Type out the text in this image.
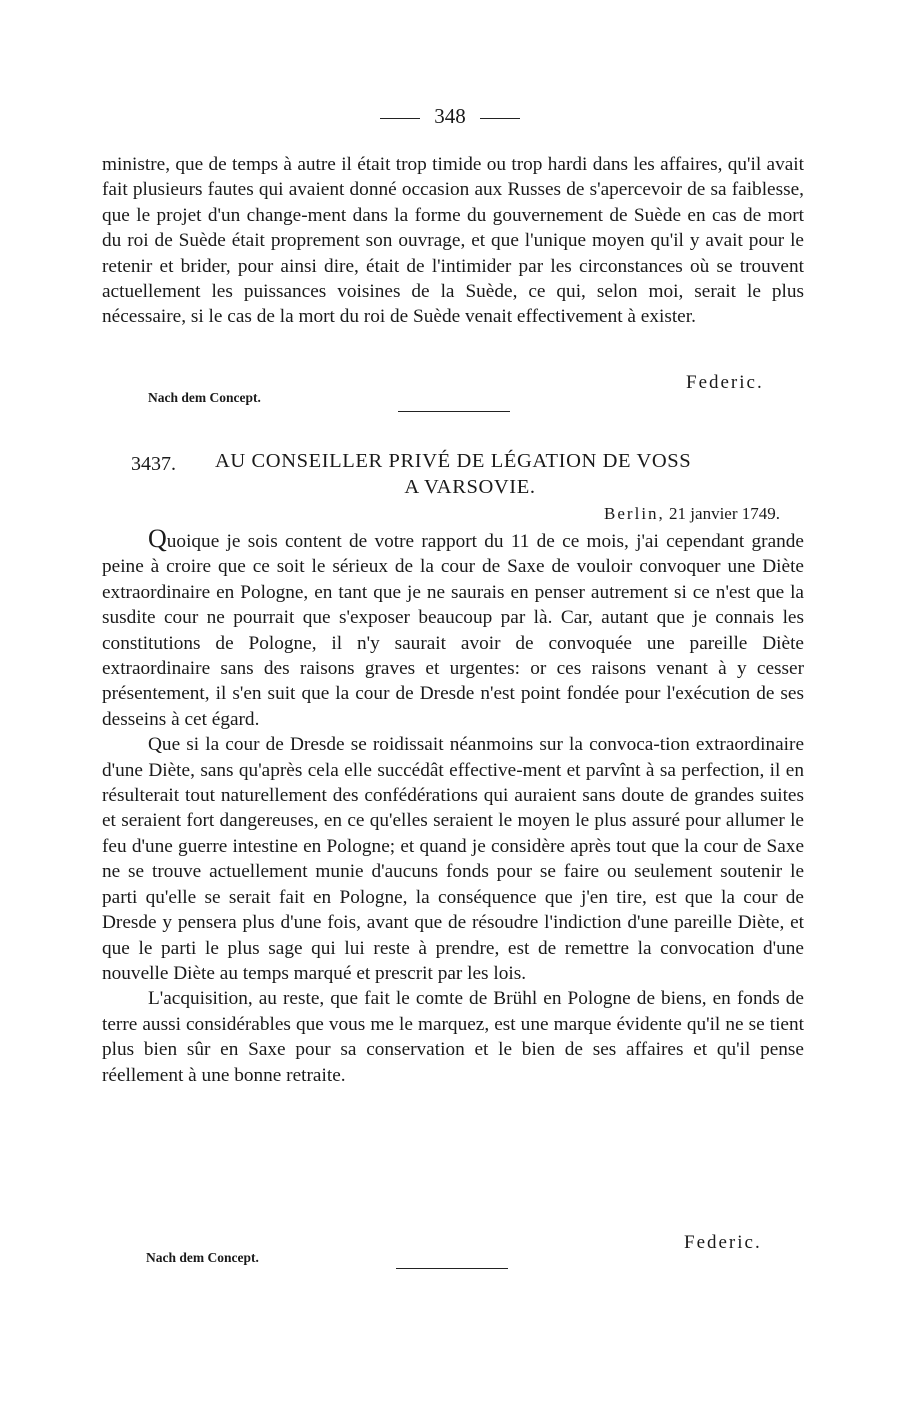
348

ministre, que de temps à autre il était trop timide ou trop hardi dans les affaires, qu'il avait fait plusieurs fautes qui avaient donné occasion aux Russes de s'apercevoir de sa faiblesse, que le projet d'un change-ment dans la forme du gouvernement de Suède en cas de mort du roi de Suède était proprement son ouvrage, et que l'unique moyen qu'il y avait pour le retenir et brider, pour ainsi dire, était de l'intimider par les circonstances où se trouvent actuellement les puissances voisines de la Suède, ce qui, selon moi, serait le plus nécessaire, si le cas de la mort du roi de Suède venait effectivement à exister.

Federic.
Nach dem Concept.
3437. AU CONSEILLER PRIVÉ DE LÉGATION DE VOSS
A VARSOVIE.
Berlin, 21 janvier 1749.

Quoique je sois content de votre rapport du 11 de ce mois, j'ai cependant grande peine à croire que ce soit le sérieux de la cour de Saxe de vouloir convoquer une Diète extraordinaire en Pologne, en tant que je ne saurais en penser autrement si ce n'est que la susdite cour ne pourrait que s'exposer beaucoup par là. Car, autant que je connais les constitutions de Pologne, il n'y saurait avoir de convoquée une pareille Diète extraordinaire sans des raisons graves et urgentes: or ces raisons venant à y cesser présentement, il s'en suit que la cour de Dresde n'est point fondée pour l'exécution de ses desseins à cet égard.

Que si la cour de Dresde se roidissait néanmoins sur la convoca-tion extraordinaire d'une Diète, sans qu'après cela elle succédât effective-ment et parvînt à sa perfection, il en résulterait tout naturellement des confédérations qui auraient sans doute de grandes suites et seraient fort dangereuses, en ce qu'elles seraient le moyen le plus assuré pour allumer le feu d'une guerre intestine en Pologne; et quand je considère après tout que la cour de Saxe ne se trouve actuellement munie d'aucuns fonds pour se faire ou seulement soutenir le parti qu'elle se serait fait en Pologne, la conséquence que j'en tire, est que la cour de Dresde y pensera plus d'une fois, avant que de résoudre l'indiction d'une pareille Diète, et que le parti le plus sage qui lui reste à prendre, est de remettre la convocation d'une nouvelle Diète au temps marqué et prescrit par les lois.

L'acquisition, au reste, que fait le comte de Brühl en Pologne de biens, en fonds de terre aussi considérables que vous me le marquez, est une marque évidente qu'il ne se tient plus bien sûr en Saxe pour sa conservation et le bien de ses affaires et qu'il pense réellement à une bonne retraite.

Federic.
Nach dem Concept.
